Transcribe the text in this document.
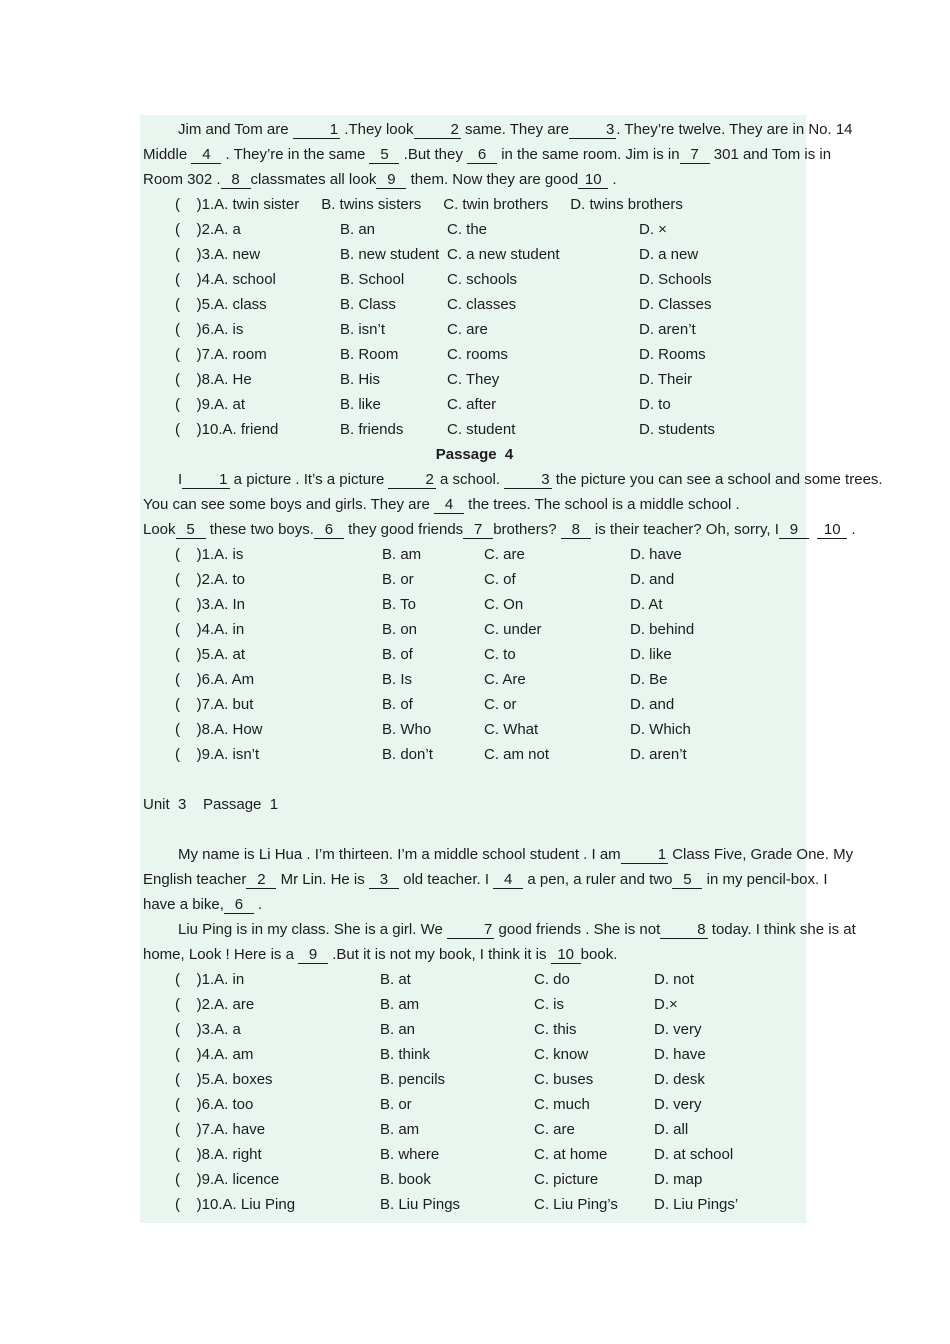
Jim and Tom are 1 .They look 2 same. They are 3 . They’re twelve. They are in No. 14
Middle 4 . They’re in the same 5 .But they 6 in the same room. Jim is in 7 301 and Tom is in
Room 302 . 8 classmates all look 9 them. Now they are good 10 .
(    )1.A. twin sister B. twins sisters C. twin brothers D. twins brothers
(    )2.A. a	B. an	C. the	D. ×
(    )3.A. new	B. new student C. a new student	D. a new
(    )4.A. school	B. School	C. schools	D. Schools
(    )5.A. class	B. Class	C. classes	D. Classes
(    )6.A. is	B. isn’t	C. are	D. aren’t
(    )7.A. room	B. Room	C. rooms	D. Rooms
(    )8.A. He	B. His	C. They	D. Their
(    )9.A. at	B. like	C. after	D. to
(    )10.A. friend	B. friends	C. student	D. students
Passage  4
I 1 a picture . It’s a picture 2 a school. 3 the picture you can see a school and some trees.
You can see some boys and girls. They are 4 the trees. The school is a middle school .
Look 5 these two boys. 6 they good friends 7 brothers? 8 is their teacher? Oh, sorry, I 9 10 .
(    )1.A. is	B. am	C. are	D. have
(    )2.A. to	B. or	C. of	D. and
(    )3.A. In	B. To	C. On	D. At
(    )4.A. in	B. on	C. under	D. behind
(    )5.A. at	B. of	C. to	D. like
(    )6.A. Am	B. Is	C. Are	D. Be
(    )7.A. but	B. of	C. or	D. and
(    )8.A. How	B. Who	C. What	D. Which
(    )9.A. isn’t	B. don’t	C. am not	D. aren’t
Unit  3    Passage  1
My name is Li Hua . I’m thirteen. I’m a middle school student . I am 1 Class Five, Grade One. My
English teacher 2 Mr Lin. He is 3 old teacher. I 4 a pen, a ruler and two 5 in my pencil-box. I
have a bike, 6 .
Liu Ping is in my class. She is a girl. We 7 good friends . She is not 8 today. I think she is at
home, Look ! Here is a 9 .But it is not my book, I think it is 10 book.
(    )1.A. in	B. at	C. do	D. not
(    )2.A. are	B. am	C. is	D.×
(    )3.A. a	B. an	C. this	D. very
(    )4.A. am	B. think	C. know	D. have
(    )5.A. boxes	B. pencils	C. buses	D. desk
(    )6.A. too	B. or	C. much	D. very
(    )7.A. have	B. am	C. are	D. all
(    )8.A. right	B. where	C. at home	D. at school
(    )9.A. licence	B. book	C. picture	D. map
(    )10.A. Liu Ping	B. Liu Pings	C. Liu Ping’s	D. Liu Pings’
